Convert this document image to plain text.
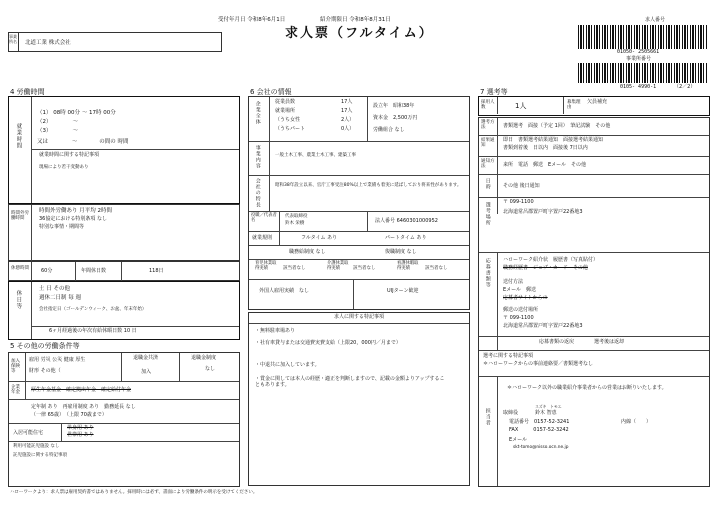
受付年月日 令和8年6月1日	紹介期限日 令和8年8月31日
求人票（フルタイム）
事業所名	北道工業 株式会社
求人番号
01050- 2505661
事業所番号
0105- 4990-1	（2／2）
4 労働時間
就業時間
（1） 08時 00分 ～ 17時 00分
（2）　　　　 ～
（3）　　　　 ～
又は　　　　 ～　　　　の間の 時間
就業時間に関する特記事項
現場により若干変動あり
時間外労働時間
時間外労働あり 月平均 2時間
36協定における特別条項 なし
特別な事情・期間等
休憩時間 60分	年間休日数	118日
休日等
土 日 その他
週休二日制 毎 週
会社指定日（ゴールデンウィーク、お盆、年末年始）
6ヶ月経過後の年次有給休暇日数 10 日
5 その他の労働条件等
加入保険等
雇用 労災 公災 健康 厚生
財形 その他（
退職金共済
加入
退職金制度
なし
企業年金	厚生年金基金　確定拠出年金　確定給付年金
定年制 あり　再雇用制度 あり　勤務延長 なし
（一律 65歳）　（上限 70歳まで）
入居可能住宅
単身用 あり
世帯用 あり
利用可能託児施設 なし
託児施設に関する特記事項
6 会社の情報
企業全体	従業員数	17人
就業場所	17人
（うち女性	2人）
（うちパート	0人）
設立年　昭和38年
資本金　2,500万円
労働組合 なし
事業内容	一般土木工事、農業土木工事、建築工事
会社の特長	昭和38年設立以来、官庁工事受注80%以上で業績も着実に延ばしており将来性があります。
役職／代表者名
代表取締役
鈴木 栄樹	法人番号 6460301000952
就業規則	フルタイム あり	パートタイム あり
職務給制度 なし	復職制度 なし
育児休業取得実績	該当者なし
介護休業取得実績	該当者なし
看護休暇取得実績	該当者なし
外国人雇用実績　なし	UIJターン歓迎
求人に関する特記事項
・無料駐車場あり
・社有車貸与または交通費実費支給（上限20，000円／月まで）
・中退共に加入しています。
・賞金に関しては本人の経歴・適正を判断しますので、記載の金額よりアップすることもあります。
7 選考等
採用人数	1人	募集理由
欠員補充
選考方法	書類選考　面接（予定 1回）　筆記試験　その他
結果通知
即日　書類選考結果通知　面接選考結果通知
書類到着後　日以内　面接後 7日以内
通知方法	来所　電話　郵送　Eメール　その他
日時 その他 後日通知
選考場所 〒 099-1100
北海道常呂郡置戸町字置戸22番地3
応募書類等 ハローワーク紹介状　履歴書（写真貼付）
職務経歴書　ジョブ・カード　その他
送付方法
Eメール　郵送
応募者サイトからの
郵送の送付場所
〒 099-1100
北海道常呂郡置戸町字置戸22番地3
応募書類の返戻　　　　選考後は返却
選考に関する特記事項
＊ハローワークからの事前連絡要／書類選考なし
担当者
＊ハローワーク以外の職業紹介事業者からの営業はお断りいたします。
スズキ　トモエ
取締役	鈴木 智恵
電話番号　0157-52-3241	内線（　　）
FAX　　　0157-52-3242
Eメール
skt-tomo@nisso.ocn.ne.jp
ハローワークより：求人票は雇用契約書ではありません。採用時には必ず、書面により労働条件の明示を受けてください。
